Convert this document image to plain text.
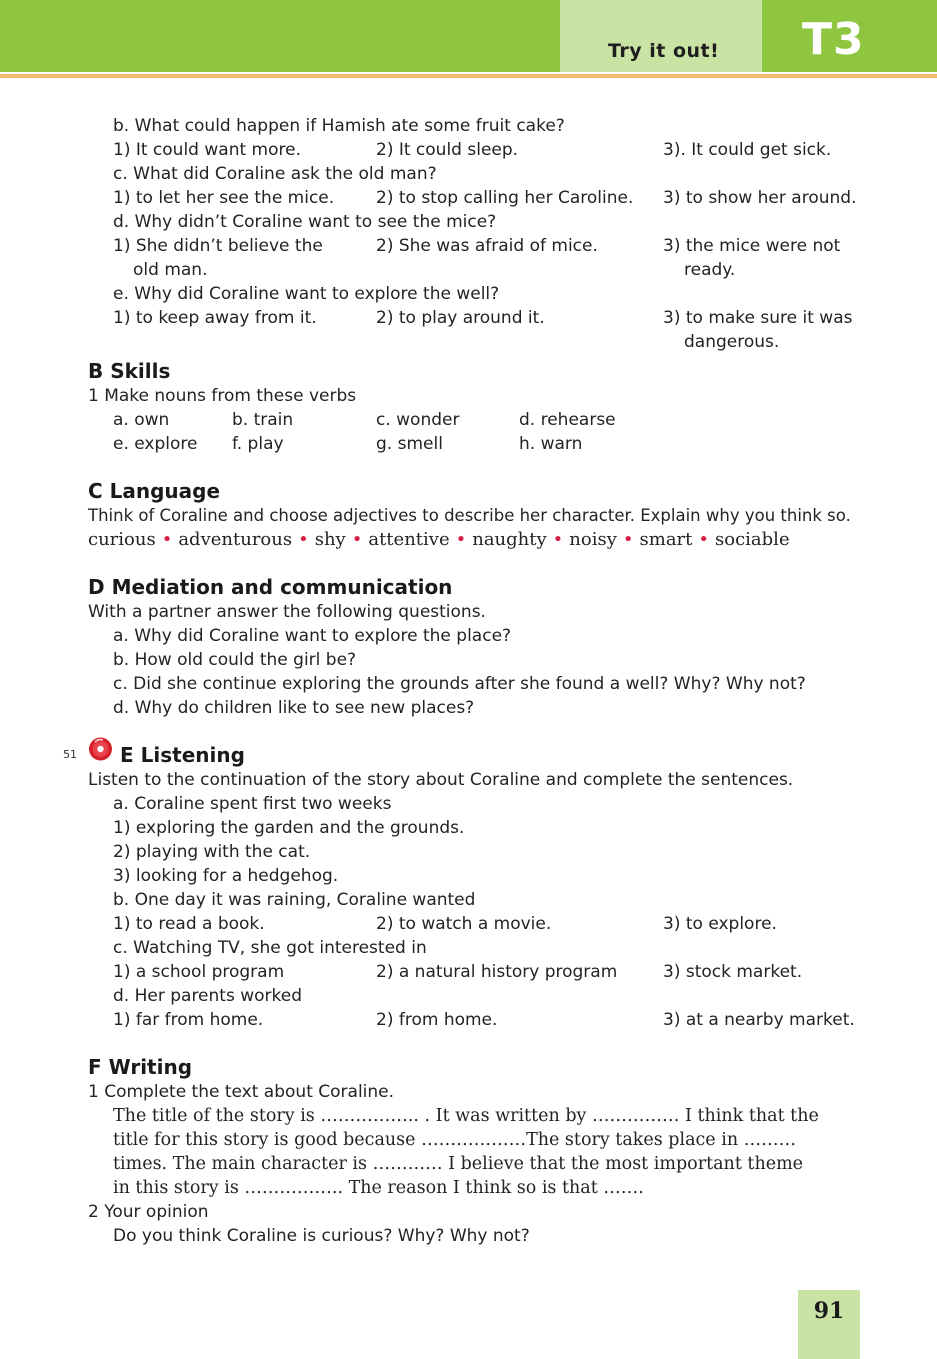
Try it out! T3
b. What could happen if Hamish ate some fruit cake?
1) It could want more.	2) It could sleep.	3). It could get sick.
c. What did Coraline ask the old man?
1) to let her see the mice. 2) to stop calling her Caroline. 3) to show her around.
d. Why didn’t Coraline want to see the mice?
1) She didn’t believe the
old man.
2) She was afraid of mice.	3) the mice were not
ready.
e. Why did Coraline want to explore the well?
1) to keep away from it.	2) to play around it.	3) to make sure it was
dangerous.
B Skills
1 Make nouns from these verbs
a. own	b. train	c. wonder	d. rehearse
e. explore f. play	g. smell	h. warn
C Language
Think of Coraline and choose adjectives to describe her character. Explain why you think so.
curious • adventurous • shy • attentive • naughty • noisy • smart • sociable
D Mediation and communication
With a partner answer the following questions.
a. Why did Coraline want to explore the place?
b. How old could the girl be?
c. Did she continue exploring the grounds after she found a well? Why? Why not?
d. Why do children like to see new places?
51 E Listening
Listen to the continuation of the story about Coraline and complete the sentences.
a. Coraline spent first two weeks
1) exploring the garden and the grounds.
2) playing with the cat.
3) looking for a hedgehog.
b. One day it was raining, Coraline wanted
1) to read a book.	2) to watch a movie.	3) to explore.
c. Watching TV, she got interested in
1) a school program	2) a natural history program	3) stock market.
d. Her parents worked
1) far from home.	2) from home.	3) at a nearby market.
F Writing
1 Complete the text about Coraline.
The title of the story is …………….. . It was written by …………… I think that the
title for this story is good because ………………The story takes place in ………
times. The main character is ………… I believe that the most important theme
in this story is …………….. The reason I think so is that …….
2 Your opinion
Do you think Coraline is curious? Why? Why not?
91
